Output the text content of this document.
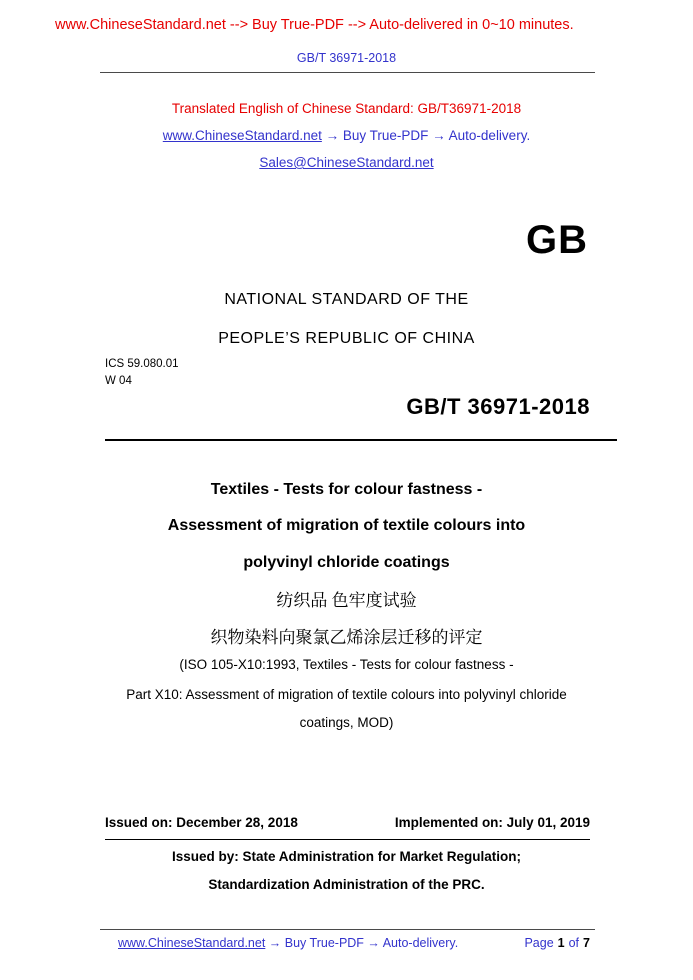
www.ChineseStandard.net --> Buy True-PDF --> Auto-delivered in 0~10 minutes.
GB/T 36971-2018
Translated English of Chinese Standard: GB/T36971-2018
www.ChineseStandard.net → Buy True-PDF → Auto-delivery.
Sales@ChineseStandard.net
GB
NATIONAL STANDARD OF THE
PEOPLE’S REPUBLIC OF CHINA
ICS 59.080.01
W 04
GB/T 36971-2018
Textiles - Tests for colour fastness -
Assessment of migration of textile colours into
polyvinyl chloride coatings
纺织品 色牢度试验
织物染料向聚氯乙烯涂层迁移的评定
(ISO 105-X10:1993, Textiles - Tests for colour fastness -
Part X10: Assessment of migration of textile colours into polyvinyl chloride
coatings, MOD)
Issued on: December 28, 2018	Implemented on: July 01, 2019
Issued by: State Administration for Market Regulation;
Standardization Administration of the PRC.
www.ChineseStandard.net → Buy True-PDF → Auto-delivery.	Page 1 of 7
